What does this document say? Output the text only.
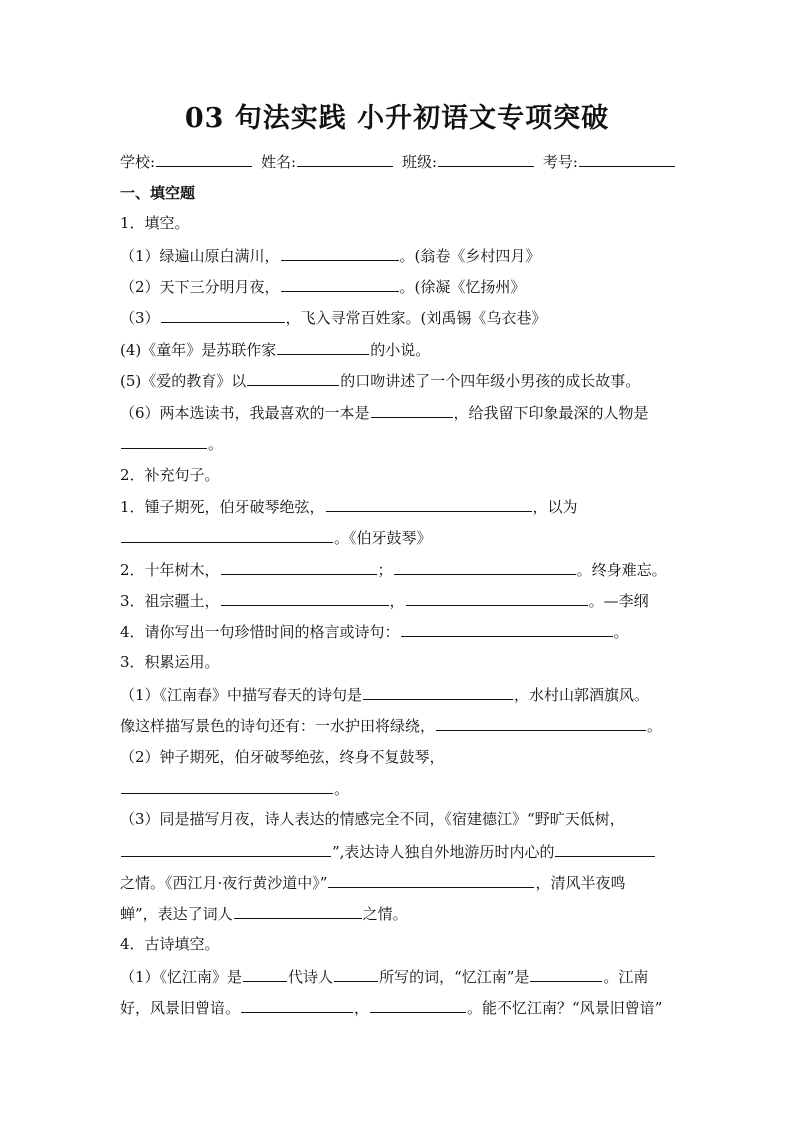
03 句法实践 小升初语文专项突破
学校:	姓名:	班级:	考号:
一、填空题
1．填空。
（1）绿遍山原白满川，	。(翁卷《乡村四月》
（2）天下三分明月夜，	。(徐凝《忆扬州》
（3）	，飞入寻常百姓家。(刘禹锡《乌衣巷》
(4)《童年》是苏联作家	的小说。
(5)《爱的教育》以	的口吻讲述了一个四年级小男孩的成长故事。
（6）两本选读书，我最喜欢的一本是	，给我留下印象最深的人物是
。
2．补充句子。
1．锺子期死，伯牙破琴绝弦，	，以为
。《伯牙鼓琴》
2．十年树木，	；	。终身难忘。
3．祖宗疆土，	，	。—李纲
4．请你写出一句珍惜时间的格言或诗句：	。
3．积累运用。
（1）《江南春》中描写春天的诗句是	，水村山郭酒旗风。
像这样描写景色的诗句还有：一水护田将绿绕，	。
（2）钟子期死，伯牙破琴绝弦，终身不复鼓琴，
。
（3）同是描写月夜，诗人表达的情感完全不同，《宿建德江》“野旷天低树，
”,表达诗人独自外地游历时内心的
之情。《西江月·夜行黄沙道中》”	，清风半夜鸣
蝉”，表达了词人	之情。
4．古诗填空。
（1）《忆江南》是	代诗人	所写的词，“忆江南”是	。江南
好，风景旧曾谙。	，	。能不忆江南？“风景旧曾谙”
